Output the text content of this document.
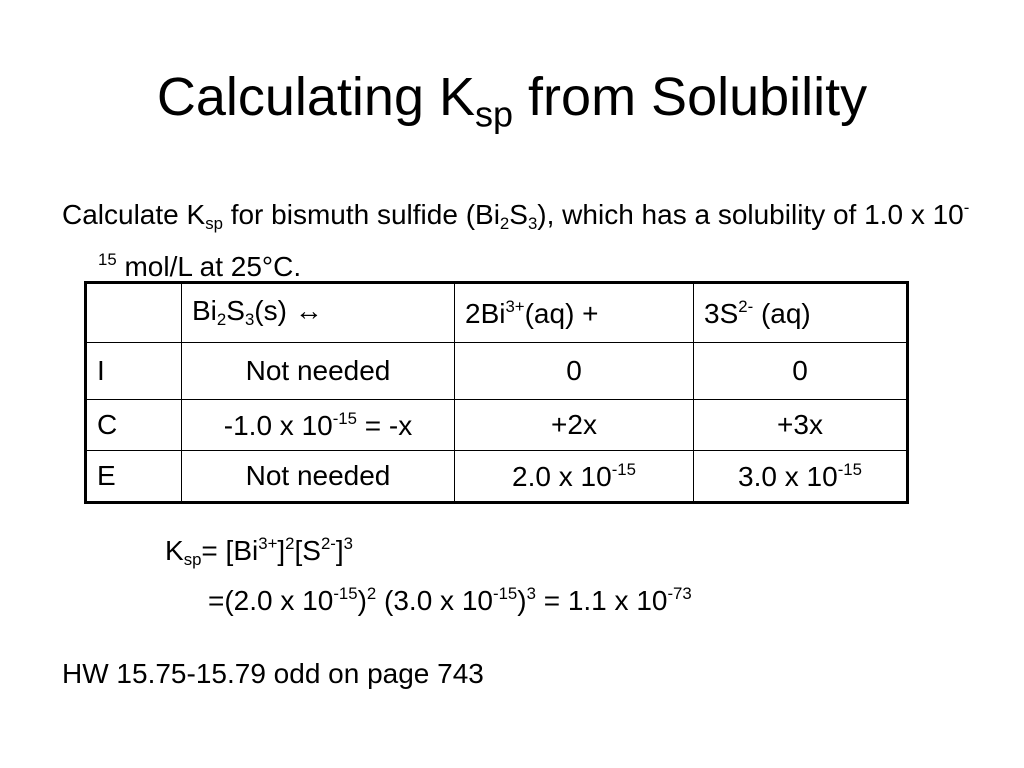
Calculating $K_{sp}$ from Solubility
Calculate Ksp for bismuth sulfide (Bi2S3), which has a solubility of 1.0 x $10^{-15}$ mol/L at 25°C.
	Bi2S3(s) ↔	$2Bi^{3+}(aq)$ +	$3S^{2-}$ (aq)
I	Not needed	0	0
C	-1.0 x $10^{-15} = -x$	+2x	+3x
E	Not needed	2.0 x $10^{-15}$	3.0 x $10^{-15}$
$Ksp= [Bi^{3+}]^2[S^{2-}]^3$
=(2.0 x $10^{-15})^2$ (3.0 x $10^{-15})^3 = 1.1$ x $10^{-73}$
HW 15.75-15.79 odd on page 743
